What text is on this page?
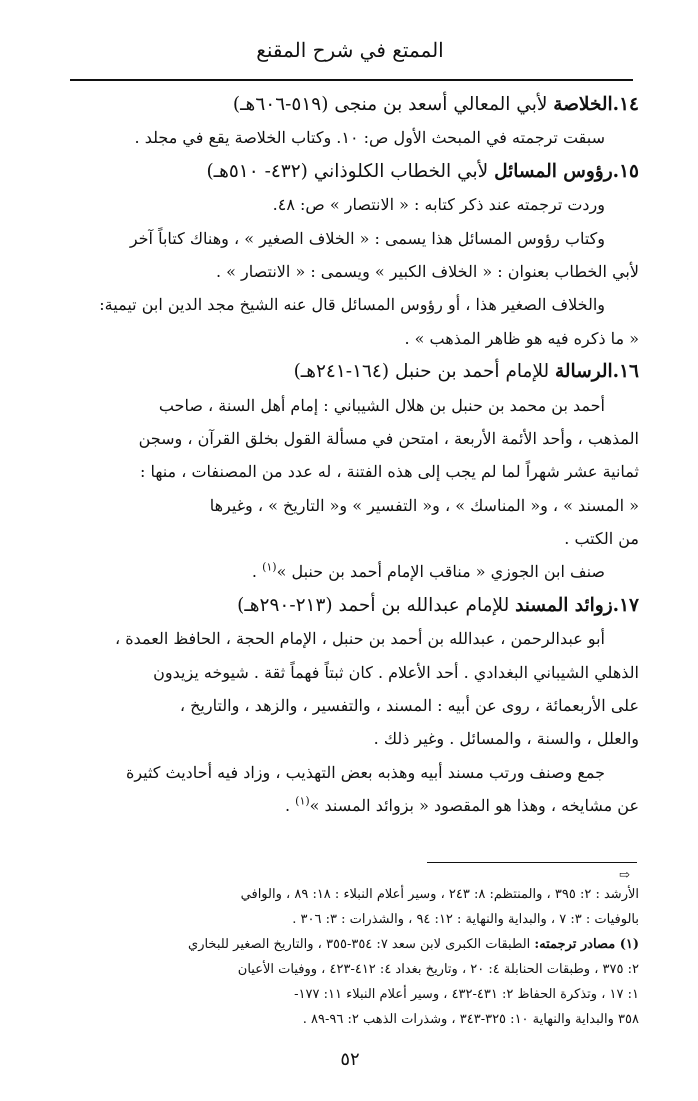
الممتع في شرح المقنع
١٤.الخلاصة لأبي المعالي أسعد بن منجى (٥١٩-٦٠٦هـ)
سبقت ترجمته في المبحث الأول ص: ١٠. وكتاب الخلاصة يقع في مجلد .
١٥.رؤوس المسائل لأبي الخطاب الكلوذاني (٤٣٢- ٥١٠هـ)
وردت ترجمته عند ذكر كتابه : « الانتصار » ص: ٤٨.
وكتاب رؤوس المسائل هذا يسمى : « الخلاف الصغير » ، وهناك كتاباً آخر
لأبي الخطاب بعنوان : « الخلاف الكبير » ويسمى : « الانتصار » .
والخلاف الصغير هذا ، أو رؤوس المسائل قال عنه الشيخ مجد الدين ابن تيمية:
« ما ذكره فيه هو ظاهر المذهب » .
١٦.الرسالة للإمام أحمد بن حنبل (١٦٤-٢٤١هـ)
أحمد بن محمد بن حنبل بن هلال الشيباني : إمام أهل السنة ، صاحب
المذهب ، وأحد الأئمة الأربعة ، امتحن في مسألة القول بخلق القرآن ، وسجن
ثمانية عشر شهراً لما لم يجب إلى هذه الفتنة ، له عدد من المصنفات ، منها :
« المسند » ، و« المناسك » ، و« التفسير » و« التاريخ » ، وغيرها
من الكتب .
صنف ابن الجوزي « مناقب الإمام أحمد بن حنبل »$^{(١)}$ .
١٧.زوائد المسند للإمام عبدالله بن أحمد (٢١٣-٢٩٠هـ)
أبو عبدالرحمن ، عبدالله بن أحمد بن حنبل ، الإمام الحجة ، الحافظ العمدة ،
الذهلي الشيباني البغدادي . أحد الأعلام . كان ثبتاً فهماً ثقة . شيوخه يزيدون
على الأربعمائة ، روى عن أبيه : المسند ، والتفسير ، والزهد ، والتاريخ ،
والعلل ، والسنة ، والمسائل . وغير ذلك .
جمع وصنف ورتب مسند أبيه وهذبه بعض التهذيب ، وزاد فيه أحاديث كثيرة
عن مشايخه ، وهذا هو المقصود « بزوائد المسند »$^{(١)}$ .
⇨
الأرشد : ٢: ٣٩٥ ، والمنتظم: ٨: ٢٤٣ ، وسير أعلام النبلاء : ١٨: ٨٩ ، والوافي
بالوفيات : ٣: ٧ ، والبداية والنهاية : ١٢: ٩٤ ، والشذرات : ٣: ٣٠٦ .
(١) مصادر ترجمته: الطبقات الكبرى لابن سعد ٧: ٣٥٤-٣٥٥ ، والتاريخ الصغير للبخاري
٢: ٣٧٥ ، وطبقات الحنابلة ٤: ٢٠ ، وتاريخ بغداد ٤: ٤١٢-٤٢٣ ، ووفيات الأعيان
١: ١٧ ، وتذكرة الحفاظ ٢: ٤٣١-٤٣٢ ، وسير أعلام النبلاء ١١: ١٧٧-
٣٥٨ والبداية والنهاية ١٠: ٣٢٥-٣٤٣ ، وشذرات الذهب ٢: ٩٦-٨٩ .
٥٢
